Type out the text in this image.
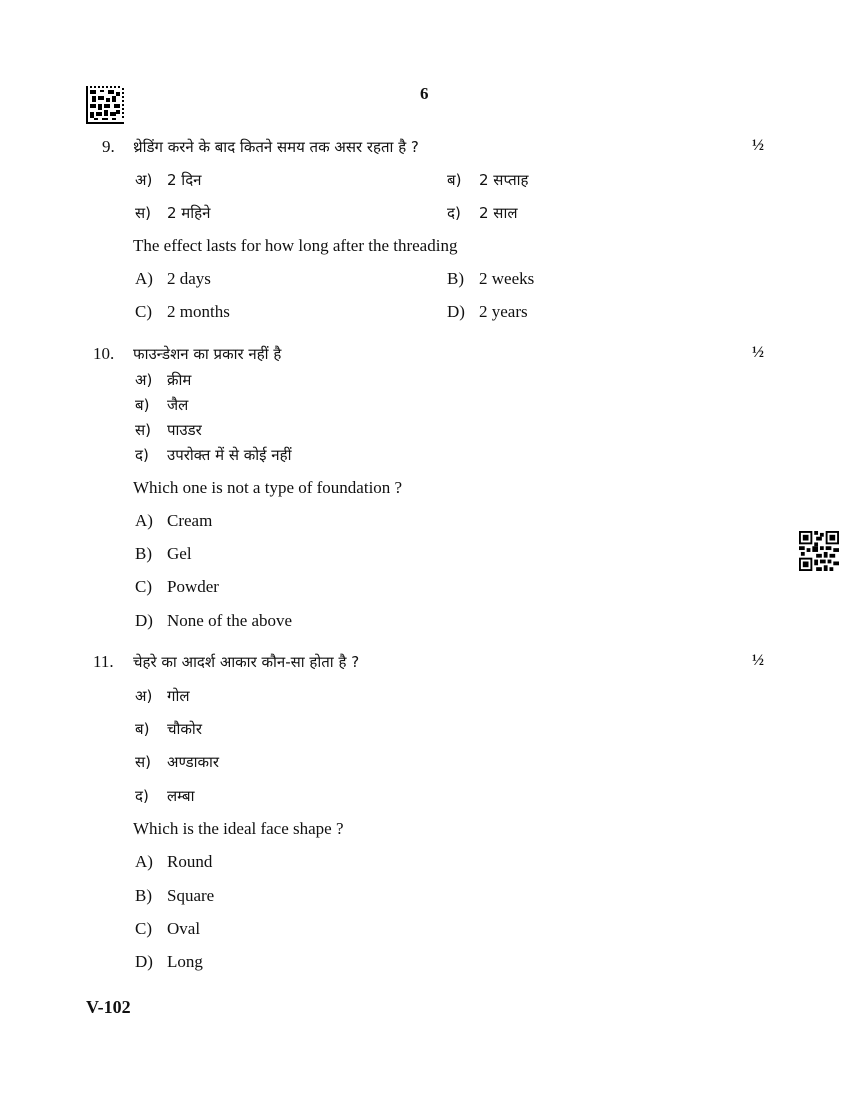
6
9. थ्रेडिंग करने के बाद कितने समय तक असर रहता है ?	½
अ) 2 दिन	ब) 2 सप्ताह
स) 2 महिने	द) 2 साल
The effect lasts for how long after the threading
A) 2 days	B) 2 weeks
C) 2 months	D) 2 years
10. फाउन्डेशन का प्रकार नहीं है	½
अ) क्रीम
ब) जैल
स) पाउडर
द) उपरोक्त में से कोई नहीं
Which one is not a type of foundation ?
A) Cream
B) Gel
C) Powder
D) None of the above
11. चेहरे का आदर्श आकार कौन-सा होता है ?	½
अ) गोल
ब) चौकोर
स) अण्डाकार
द) लम्बा
Which is the ideal face shape ?
A) Round
B) Square
C) Oval
D) Long
V-102
